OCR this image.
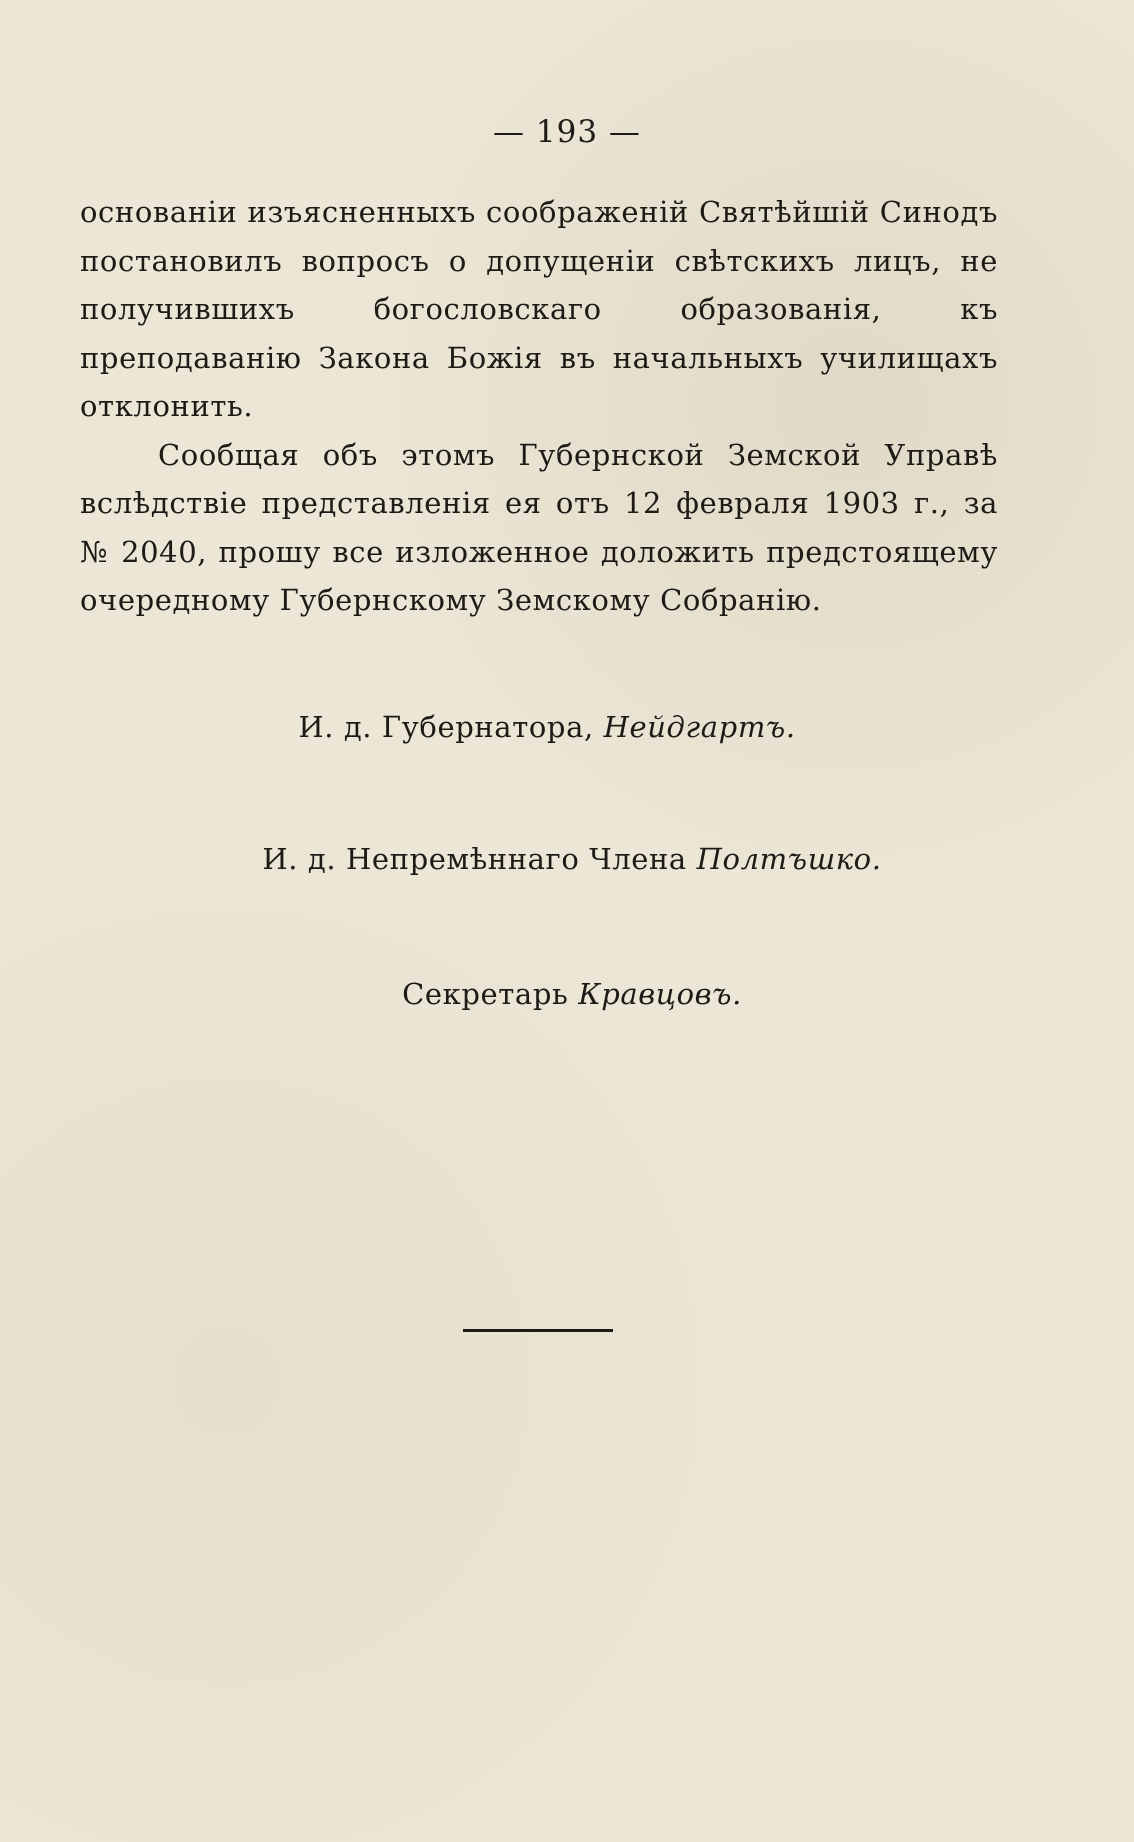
— 193 —

основаніи изъясненныхъ соображеній Святѣйшій Синодъ постановилъ вопросъ о допущеніи свѣтскихъ лицъ, не получившихъ богословскаго образованія, къ преподаванію Закона Божія въ начальныхъ училищахъ отклонить.

Сообщая объ этомъ Губернской Земской Управѣ вслѣдствіе представленія ея отъ 12 февраля 1903 г., за № 2040, прошу все изложенное доложить предстоящему очередному Губернскому Земскому Собранію.

И. д. Губернатора, Нейдгартъ.
И. д. Непремѣннаго Члена Полтъшко.
Секретарь Кравцовъ.
